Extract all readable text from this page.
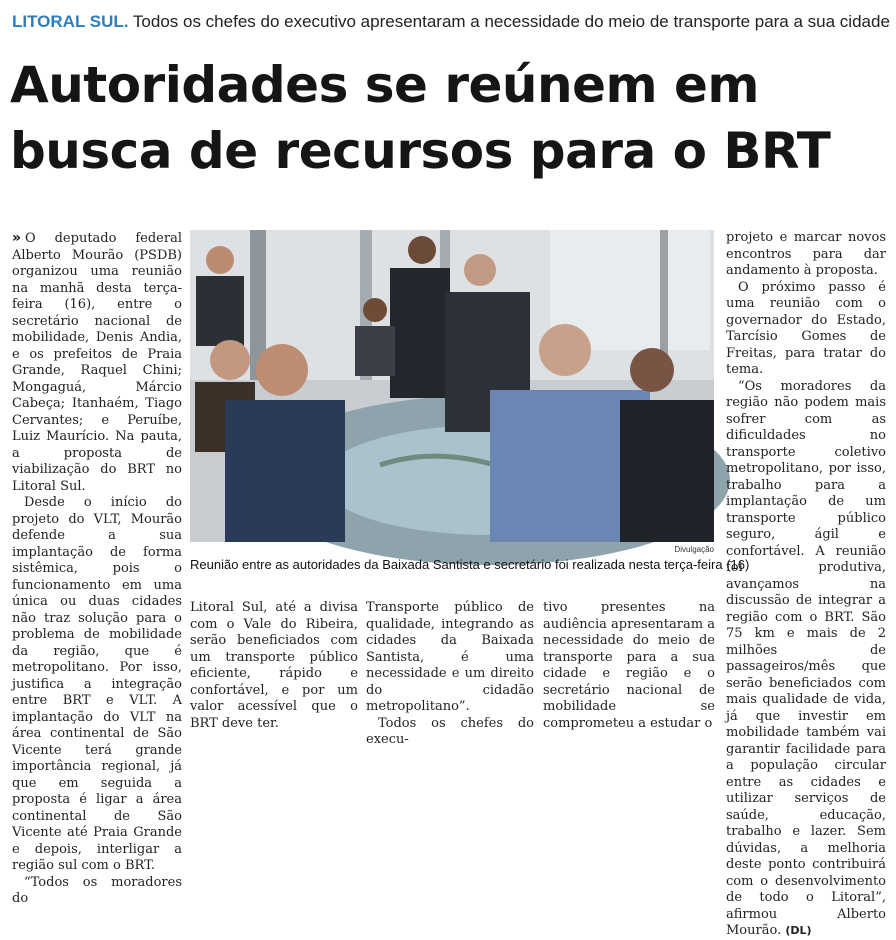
LITORAL SUL. Todos os chefes do executivo apresentaram a necessidade do meio de transporte para a sua cidade
Autoridades se reúnem em
busca de recursos para o BRT

» O deputado federal Alberto Mourão (PSDB) organizou uma reunião na manhã desta terça-feira (16), entre o secretário nacional de mobilidade, Denis Andia, e os prefeitos de Praia Grande, Raquel Chini; Mongaguá, Márcio Cabeça; Itanhaém, Tiago Cervantes; e Peruíbe, Luiz Maurício. Na pauta, a proposta de viabilização do BRT no Litoral Sul.

Desde o início do projeto do VLT, Mourão defende a sua implantação de forma sistêmica, pois o funcionamento em uma única ou duas cidades não traz solução para o problema de mobilidade da região, que é metropolitano. Por isso, justifica a integração entre BRT e VLT. A implantação do VLT na área continental de São Vicente terá grande importância regional, já que em seguida a proposta é ligar a área continental de São Vicente até Praia Grande e depois, interligar a região sul com o BRT.

“Todos os moradores do

Divulgação
Reunião entre as autoridades da Baixada Santista e secretário foi realizada nesta terça-feira (16)

Litoral Sul, até a divisa com o Vale do Ribeira, serão beneficiados com um transporte público eficiente, rápido e confortável, e por um valor acessível que o BRT deve ter.

Transporte público de qualidade, integrando as cidades da Baixada Santista, é uma necessidade e um direito do cidadão metropolitano”.

Todos os chefes do execu-

tivo presentes na audiência apresentaram a necessidade do meio de transporte para a sua cidade e região e o secretário nacional de mobilidade se comprometeu a estudar o

projeto e marcar novos encontros para dar andamento à proposta.

O próximo passo é uma reunião com o governador do Estado, Tarcísio Gomes de Freitas, para tratar do tema.

“Os moradores da região não podem mais sofrer com as dificuldades no transporte coletivo metropolitano, por isso, trabalho para a implantação de um transporte público seguro, ágil e confortável. A reunião foi produtiva, avançamos na discussão de integrar a região com o BRT. São 75 km e mais de 2 milhões de passageiros/mês que serão beneficiados com mais qualidade de vida, já que investir em mobilidade também vai garantir facilidade para a população circular entre as cidades e utilizar serviços de saúde, educação, trabalho e lazer. Sem dúvidas, a melhoria deste ponto contribuirá com o desenvolvimento de todo o Litoral”, afirmou Alberto Mourão. (DL)
